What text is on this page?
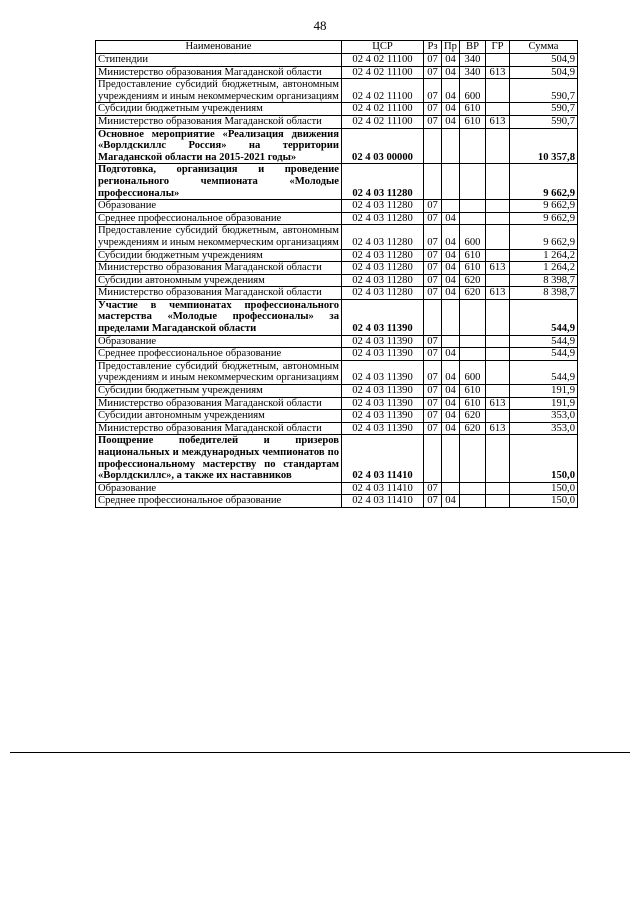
48
Наименование	ЦСР	Рз	Пр	ВР	ГР	Сумма
Стипендии	02 4 02 11100	07	04	340		504,9
Министерство образования Магаданской области	02 4 02 11100	07	04	340	613	504,9
Предоставление субсидий бюджетным, автономным учреждениям и иным некоммерческим организациям	02 4 02 11100	07	04	600		590,7
Субсидии бюджетным учреждениям	02 4 02 11100	07	04	610		590,7
Министерство образования Магаданской области	02 4 02 11100	07	04	610	613	590,7
Основное мероприятие «Реализация движения «Ворлдскиллс Россия» на территории Магаданской области на 2015-2021 годы»	02 4 03 00000					10 357,8
Подготовка, организация и проведение регионального чемпионата «Молодые профессионалы»	02 4 03 11280					9 662,9
Образование	02 4 03 11280	07				9 662,9
Среднее профессиональное образование	02 4 03 11280	07	04			9 662,9
Предоставление субсидий бюджетным, автономным учреждениям и иным некоммерческим организациям	02 4 03 11280	07	04	600		9 662,9
Субсидии бюджетным учреждениям	02 4 03 11280	07	04	610		1 264,2
Министерство образования Магаданской области	02 4 03 11280	07	04	610	613	1 264,2
Субсидии автономным учреждениям	02 4 03 11280	07	04	620		8 398,7
Министерство образования Магаданской области	02 4 03 11280	07	04	620	613	8 398,7
Участие в чемпионатах профессионального мастерства «Молодые профессионалы» за пределами Магаданской области	02 4 03 11390					544,9
Образование	02 4 03 11390	07				544,9
Среднее профессиональное образование	02 4 03 11390	07	04			544,9
Предоставление субсидий бюджетным, автономным учреждениям и иным некоммерческим организациям	02 4 03 11390	07	04	600		544,9
Субсидии бюджетным учреждениям	02 4 03 11390	07	04	610		191,9
Министерство образования Магаданской области	02 4 03 11390	07	04	610	613	191,9
Субсидии автономным учреждениям	02 4 03 11390	07	04	620		353,0
Министерство образования Магаданской области	02 4 03 11390	07	04	620	613	353,0
Поощрение победителей и призеров национальных и международных чемпионатов по профессиональному мастерству по стандартам «Ворлдскиллс», а также их наставников	02 4 03 11410					150,0
Образование	02 4 03 11410	07				150,0
Среднее профессиональное образование	02 4 03 11410	07	04			150,0
